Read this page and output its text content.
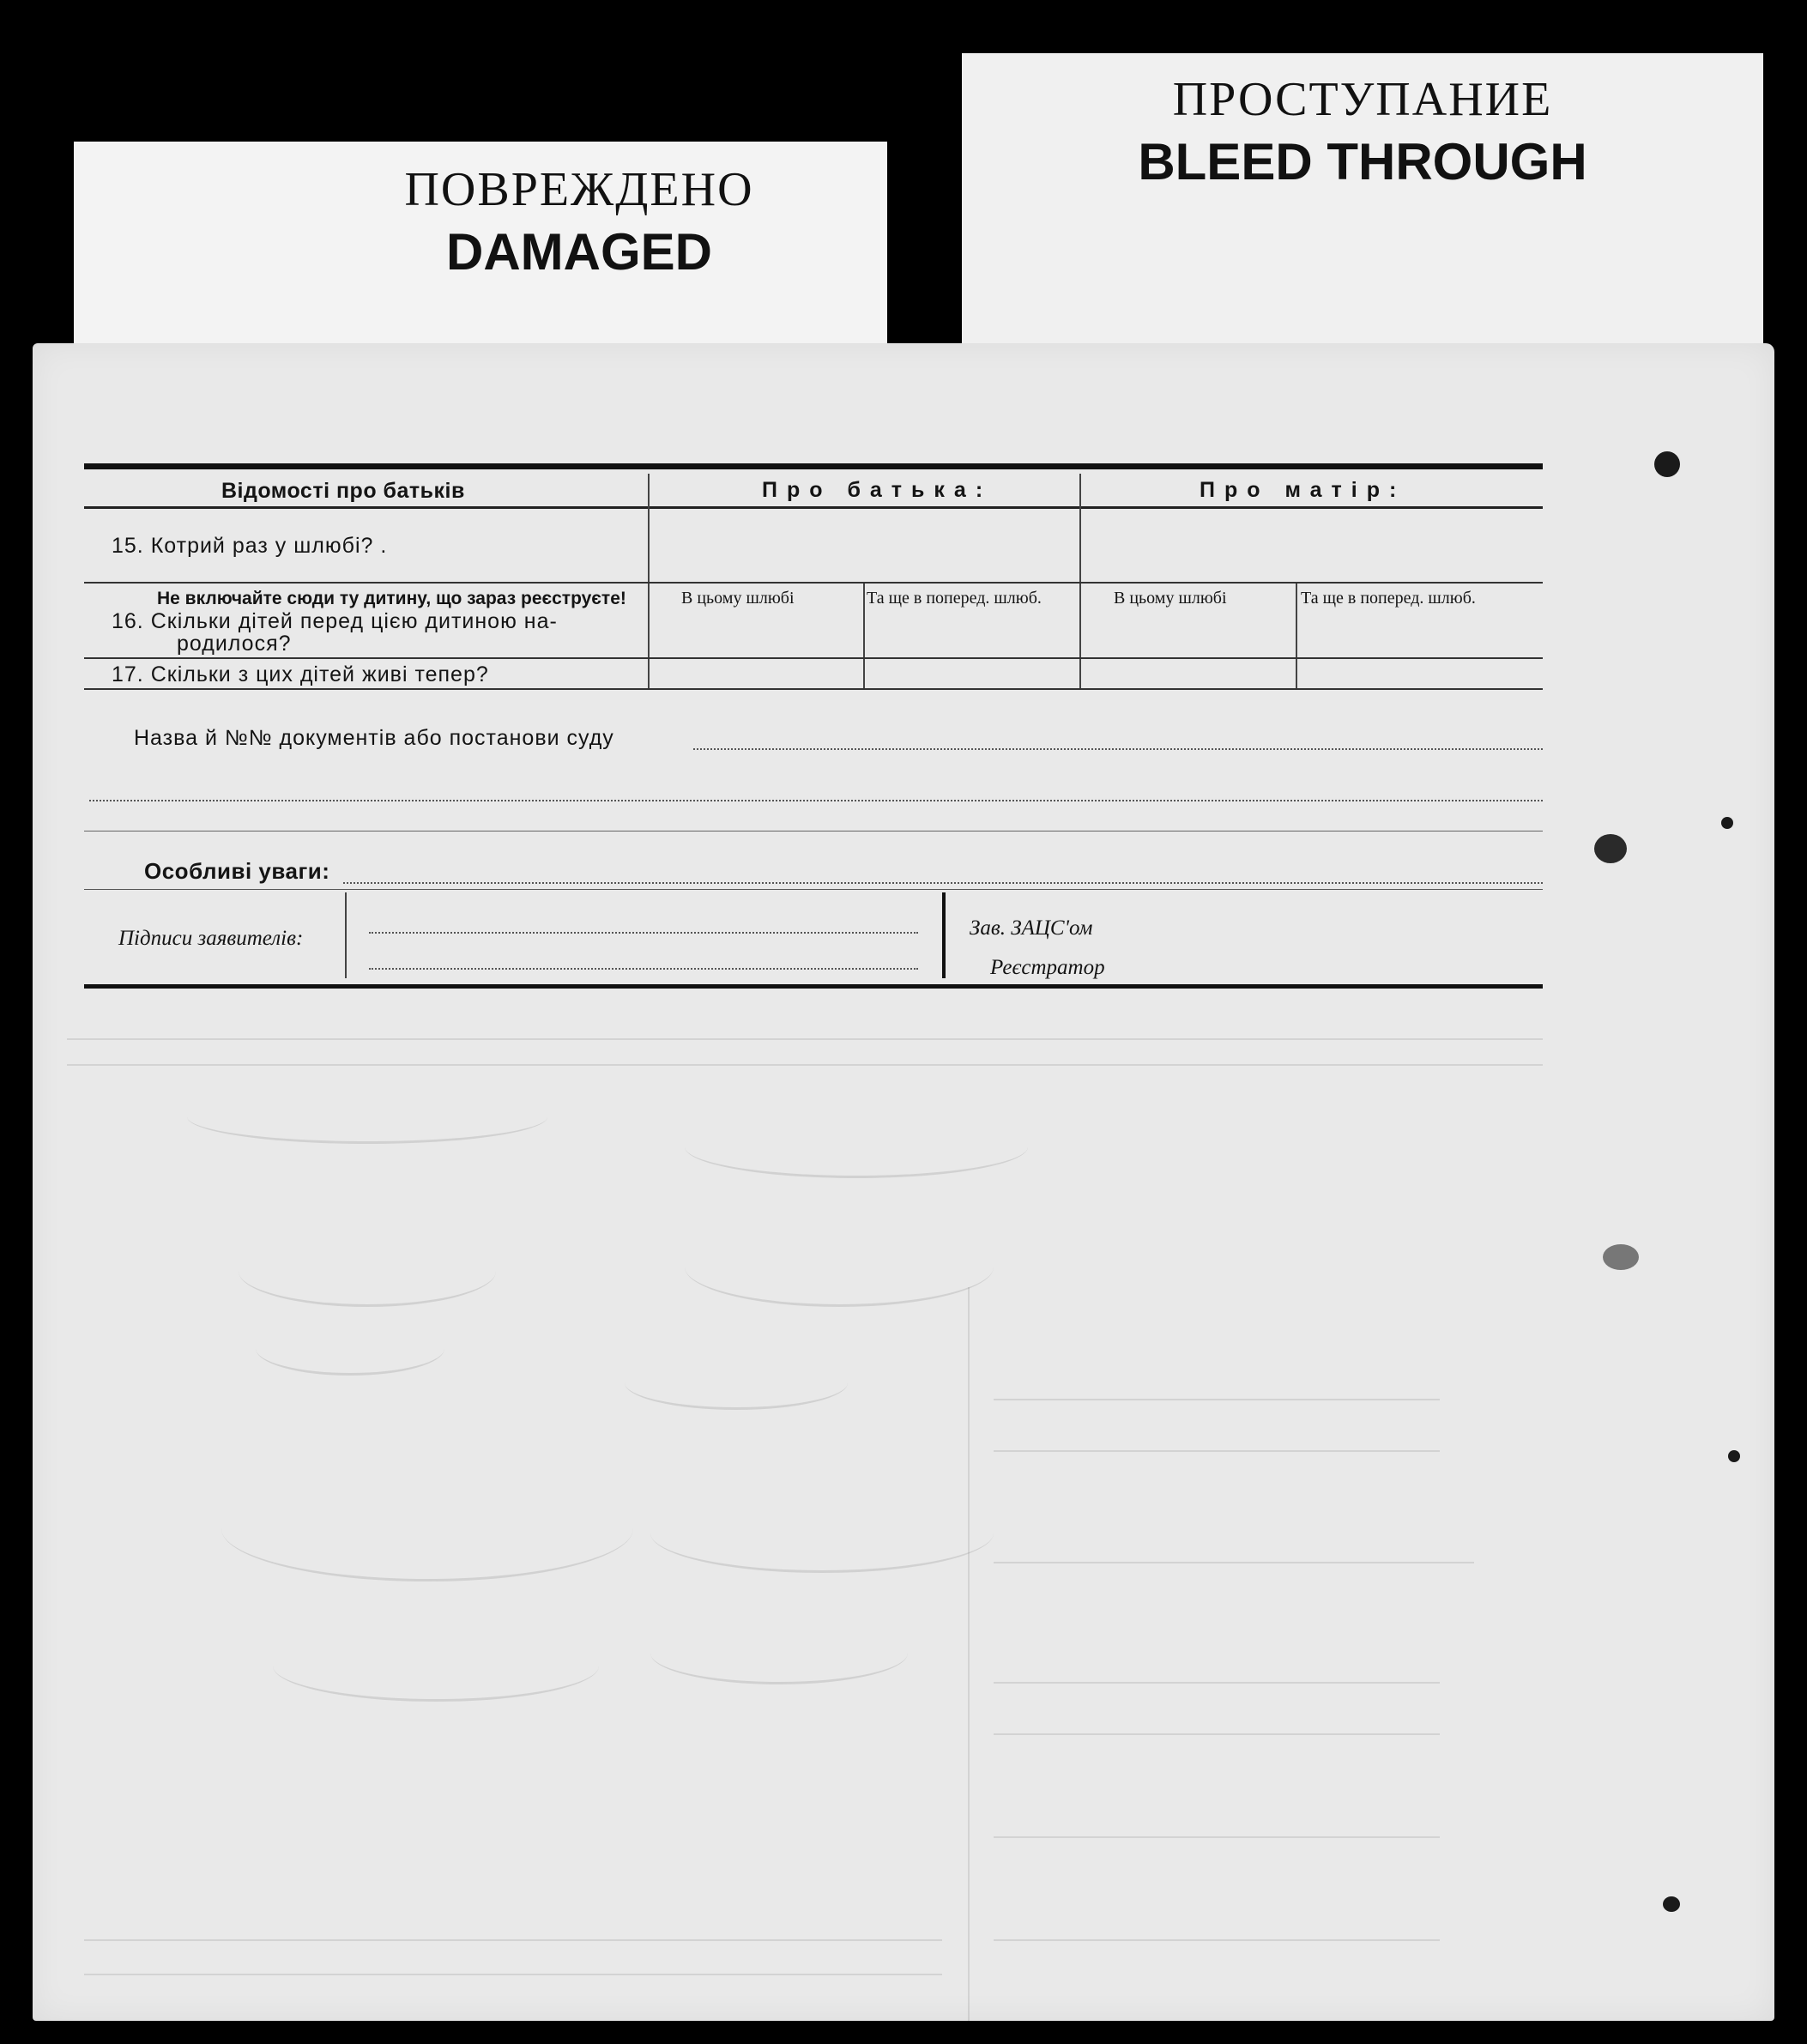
ПОВРЕЖДЕНО
DAMAGED
ПРОСТУПАНИЕ
BLEED THROUGH
Відомості про батьків	Про батька:	Про матір:
15. Котрий раз у шлюбі? .
Не включайте сюди ту дитину, що зараз реєструєте!
16. Скільки дітей перед цією дитиною на-
родилося?
В цьому шлюбі	Та ще в поперед. шлюб.	В цьому шлюбі	Та ще в поперед. шлюб.
17. Скільки з цих дітей живі тепер?
Назва й №№ документів або постанови суду
Особливі уваги:
Підписи заявителів:	Зав. ЗАЦС'ом
Реєстратор
